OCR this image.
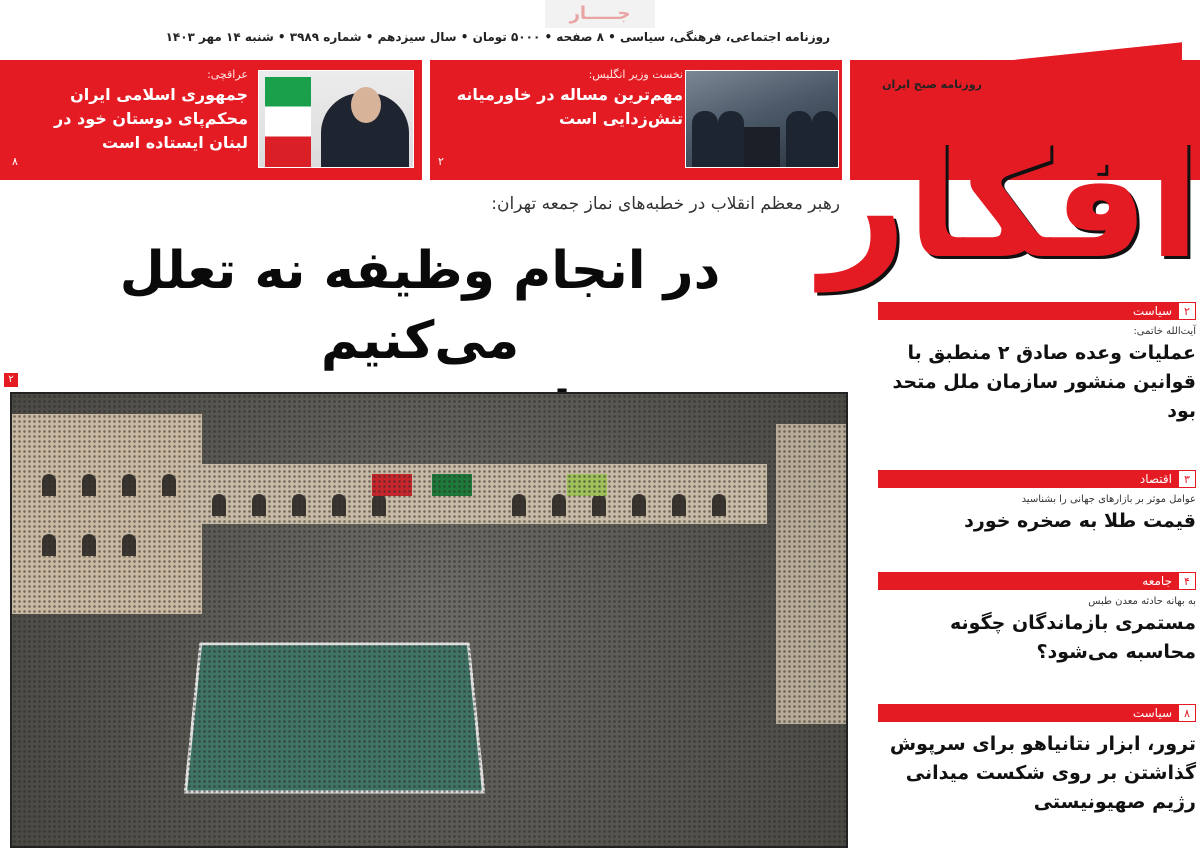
جـــــار
روزنامه اجتماعی، فرهنگی، سیاسی • ۸ صفحه • ۵۰۰۰ تومان • سال سیزدهم • شماره ۳۹۸۹ • شنبه ۱۴ مهر ۱۴۰۳
نخست وزیر انگلیس:
مهم‌ترین مساله در خاورمیانه تنش‌زدایی است
۲
عراقچی:
جمهوری اسلامی ایران محکم‌پای دوستان خود در لبنان ایستاده است
۸
روزنامه صبح ایران
افکار
رهبر معظم انقلاب در خطبه‌های نماز جمعه تهران:
در انجام وظیفه نه تعلل می‌کنیم
۲
۲
سیاست
آیت‌الله خاتمی:
عملیات وعده صادق ۲ منطبق با قوانین منشور سازمان ملل متحد بود
۳
اقتصاد
عوامل موثر بر بازارهای جهانی را بشناسید
قیمت طلا به صخره خورد
۴
جامعه
به بهانه حادثه معدن طبس
مستمری بازماندگان چگونه محاسبه می‌شود؟
۸
سیاست
ترور، ابزار نتانیاهو برای سرپوش گذاشتن بر روی شکست میدانی رژیم صهیونیستی
